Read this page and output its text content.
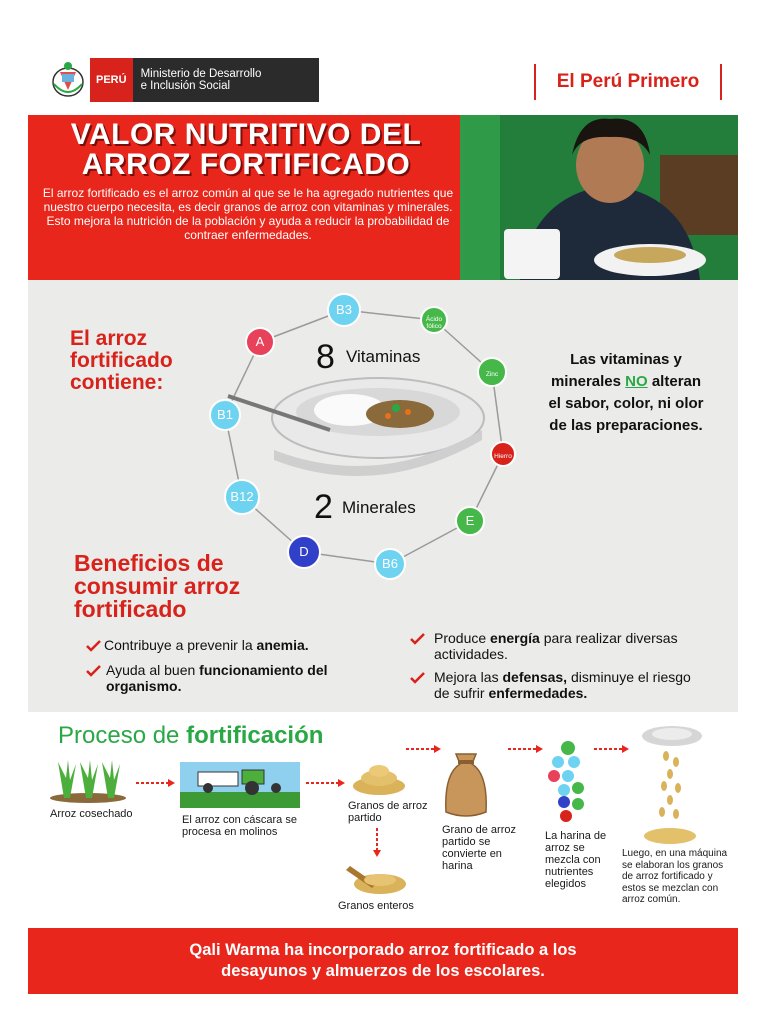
PERÚ	Ministerio de Desarrollo
e Inclusión Social	El Perú Primero
VALOR NUTRITIVO DEL
ARROZ FORTIFICADO
El arroz fortificado es el arroz común al que se le ha agregado nutrientes que nuestro cuerpo necesita, es decir granos de arroz con vitaminas y minerales. Esto mejora la nutrición de la población y ayuda a reducir la probabilidad de contraer enfermedades.
El arroz fortificado contiene:
A
B3
Ácido fólico
Zinc
Hierro
E
B6
D
B12
B1
8 Vitaminas
2 Minerales
Las vitaminas y minerales NO alteran el sabor, color, ni olor de las preparaciones.
Beneficios de consumir arroz fortificado
Contribuye a prevenir la anemia.
Ayuda al buen funcionamiento del organismo.
Produce energía para realizar diversas actividades.
Mejora las defensas, disminuye el riesgo de sufrir enfermedades.
Proceso de fortificación
Arroz cosechado	El arroz con cáscara se procesa en molinos
Granos de arroz partido
Granos enteros
Grano de arroz partido se convierte en harina
La harina de arroz se mezcla con nutrientes elegidos
Luego, en una máquina se elaboran los granos de arroz fortificado y estos se mezclan con arroz común.
Qali Warma ha incorporado arroz fortificado a los
desayunos y almuerzos de los escolares.
